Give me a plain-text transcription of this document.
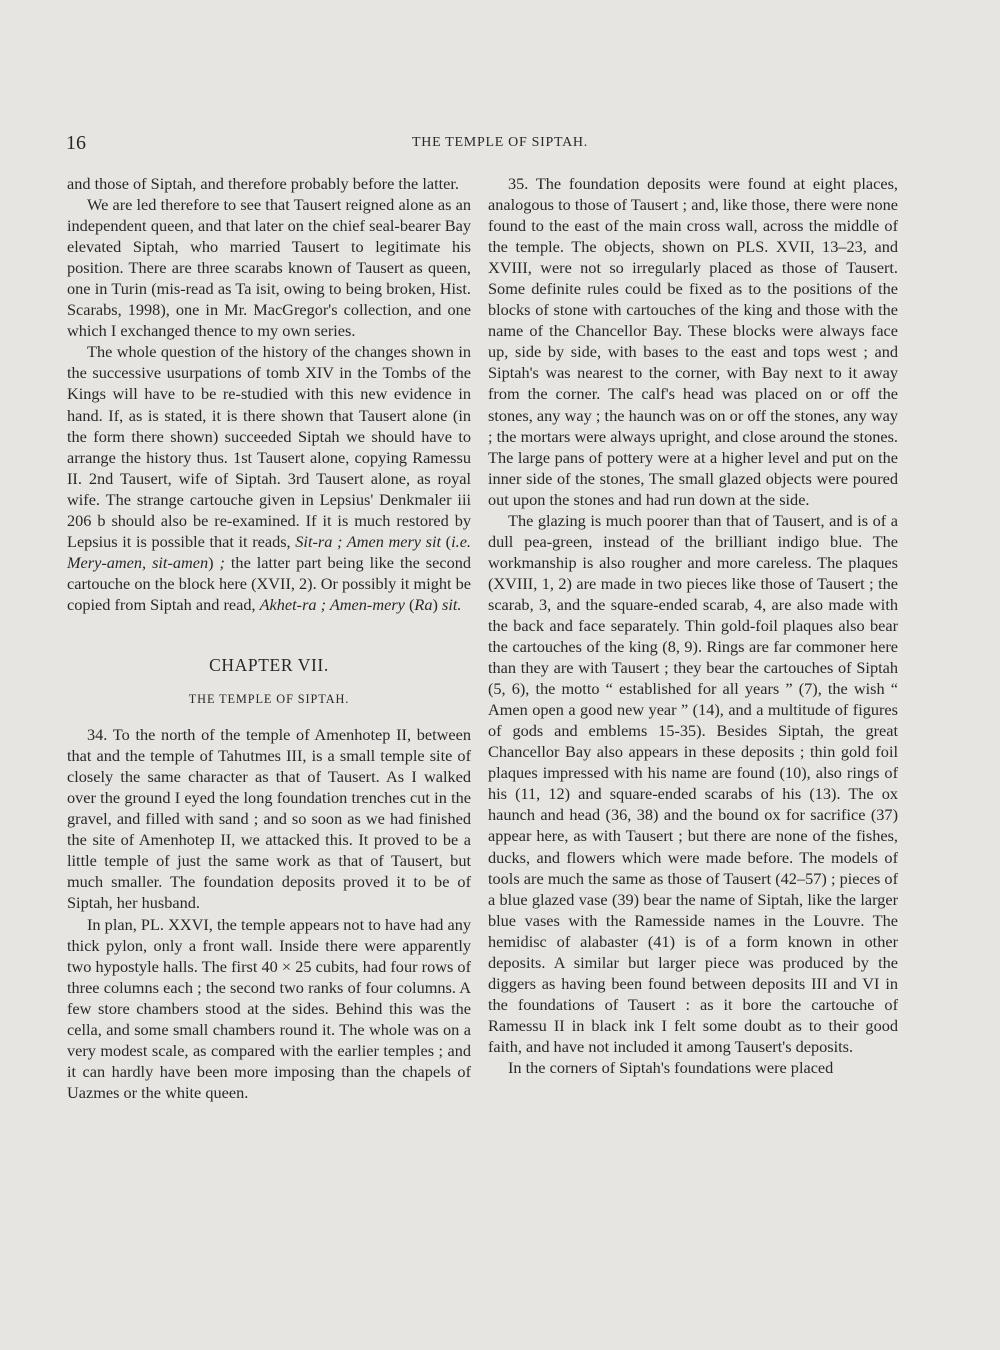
16	THE TEMPLE OF SIPTAH.

and those of Siptah, and therefore probably before the latter.

We are led therefore to see that Tausert reigned alone as an independent queen, and that later on the chief seal-bearer Bay elevated Siptah, who married Tausert to legitimate his position. There are three scarabs known of Tausert as queen, one in Turin (mis-read as Ta isit, owing to being broken, Hist. Scarabs, 1998), one in Mr. MacGregor's collection, and one which I exchanged thence to my own series.

The whole question of the history of the changes shown in the successive usurpations of tomb XIV in the Tombs of the Kings will have to be re-studied with this new evidence in hand. If, as is stated, it is there shown that Tausert alone (in the form there shown) succeeded Siptah we should have to arrange the history thus. 1st Tausert alone, copying Ramessu II. 2nd Tausert, wife of Siptah. 3rd Tausert alone, as royal wife. The strange cartouche given in Lepsius' Denkmaler iii 206 b should also be re-examined. If it is much restored by Lepsius it is possible that it reads, Sit-ra ; Amen mery sit (i.e. Mery-amen, sit-amen) ; the latter part being like the second cartouche on the block here (XVII, 2). Or possibly it might be copied from Siptah and read, Akhet-ra ; Amen-mery (Ra) sit.

CHAPTER VII.
THE TEMPLE OF SIPTAH.

34. To the north of the temple of Amenhotep II, between that and the temple of Tahutmes III, is a small temple site of closely the same character as that of Tausert. As I walked over the ground I eyed the long foundation trenches cut in the gravel, and filled with sand ; and so soon as we had finished the site of Amenhotep II, we attacked this. It proved to be a little temple of just the same work as that of Tausert, but much smaller. The foundation deposits proved it to be of Siptah, her husband.

In plan, PL. XXVI, the temple appears not to have had any thick pylon, only a front wall. Inside there were apparently two hypostyle halls. The first 40 × 25 cubits, had four rows of three columns each ; the second two ranks of four columns. A few store chambers stood at the sides. Behind this was the cella, and some small chambers round it. The whole was on a very modest scale, as compared with the earlier temples ; and it can hardly have been more imposing than the chapels of Uazmes or the white queen.

35. The foundation deposits were found at eight places, analogous to those of Tausert ; and, like those, there were none found to the east of the main cross wall, across the middle of the temple. The objects, shown on PLS. XVII, 13–23, and XVIII, were not so irregularly placed as those of Tausert. Some definite rules could be fixed as to the positions of the blocks of stone with cartouches of the king and those with the name of the Chancellor Bay. These blocks were always face up, side by side, with bases to the east and tops west ; and Siptah's was nearest to the corner, with Bay next to it away from the corner. The calf's head was placed on or off the stones, any way ; the haunch was on or off the stones, any way ; the mortars were always upright, and close around the stones. The large pans of pottery were at a higher level and put on the inner side of the stones, The small glazed objects were poured out upon the stones and had run down at the side.

The glazing is much poorer than that of Tausert, and is of a dull pea-green, instead of the brilliant indigo blue. The workmanship is also rougher and more careless. The plaques (XVIII, 1, 2) are made in two pieces like those of Tausert ; the scarab, 3, and the square-ended scarab, 4, are also made with the back and face separately. Thin gold-foil plaques also bear the cartouches of the king (8, 9). Rings are far commoner here than they are with Tausert ; they bear the cartouches of Siptah (5, 6), the motto “ established for all years ” (7), the wish “ Amen open a good new year ” (14), and a multitude of figures of gods and emblems 15-35). Besides Siptah, the great Chancellor Bay also appears in these deposits ; thin gold foil plaques impressed with his name are found (10), also rings of his (11, 12) and square-ended scarabs of his (13). The ox haunch and head (36, 38) and the bound ox for sacrifice (37) appear here, as with Tausert ; but there are none of the fishes, ducks, and flowers which were made before. The models of tools are much the same as those of Tausert (42–57) ; pieces of a blue glazed vase (39) bear the name of Siptah, like the larger blue vases with the Ramesside names in the Louvre. The hemidisc of alabaster (41) is of a form known in other deposits. A similar but larger piece was produced by the diggers as having been found between deposits III and VI in the foundations of Tausert : as it bore the cartouche of Ramessu II in black ink I felt some doubt as to their good faith, and have not included it among Tausert's deposits.

In the corners of Siptah's foundations were placed
